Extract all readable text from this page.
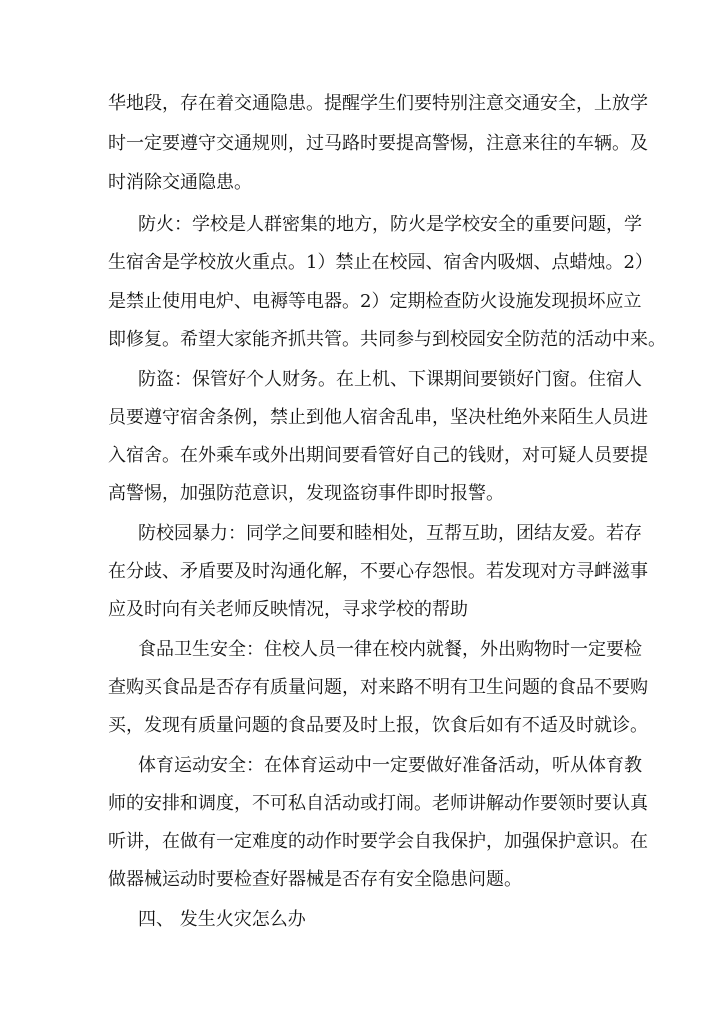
华地段，存在着交通隐患。提醒学生们要特别注意交通安全，上放学
时一定要遵守交通规则，过马路时要提高警惕，注意来往的车辆。及
时消除交通隐患。
防火：学校是人群密集的地方，防火是学校安全的重要问题，学
生宿舍是学校放火重点。1）禁止在校园、宿舍内吸烟、点蜡烛。2）
是禁止使用电炉、电褥等电器。2）定期检查防火设施发现损坏应立
即修复。希望大家能齐抓共管。共同参与到校园安全防范的活动中来。
防盗：保管好个人财务。在上机、下课期间要锁好门窗。住宿人
员要遵守宿舍条例，禁止到他人宿舍乱串，坚决杜绝外来陌生人员进
入宿舍。在外乘车或外出期间要看管好自己的钱财，对可疑人员要提
高警惕，加强防范意识，发现盗窃事件即时报警。
防校园暴力：同学之间要和睦相处，互帮互助，团结友爱。若存
在分歧、矛盾要及时沟通化解，不要心存怨恨。若发现对方寻衅滋事
应及时向有关老师反映情况，寻求学校的帮助
食品卫生安全：住校人员一律在校内就餐，外出购物时一定要检
查购买食品是否存有质量问题，对来路不明有卫生问题的食品不要购
买，发现有质量问题的食品要及时上报，饮食后如有不适及时就诊。
体育运动安全：在体育运动中一定要做好准备活动，听从体育教
师的安排和调度，不可私自活动或打闹。老师讲解动作要领时要认真
听讲，在做有一定难度的动作时要学会自我保护，加强保护意识。在
做器械运动时要检查好器械是否存有安全隐患问题。
四、 发生火灾怎么办
